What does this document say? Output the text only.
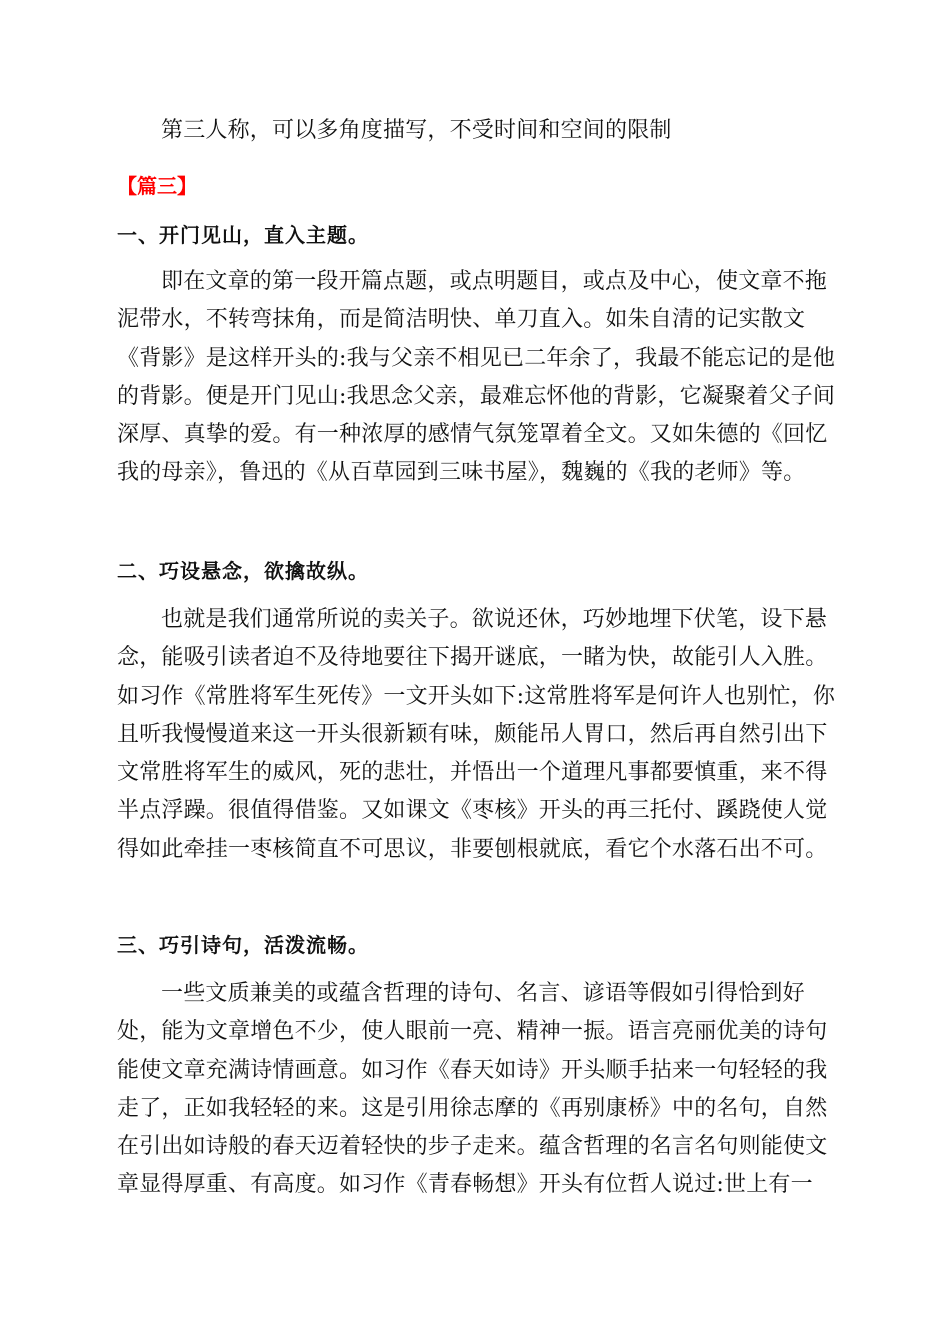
第三人称，可以多角度描写，不受时间和空间的限制

【篇三】

一、开门见山，直入主题。

即在文章的第一段开篇点题，或点明题目，或点及中心，使文章不拖泥带水，不转弯抹角，而是简洁明快、单刀直入。如朱自清的记实散文《背影》是这样开头的:我与父亲不相见已二年余了，我最不能忘记的是他的背影。便是开门见山:我思念父亲，最难忘怀他的背影，它凝聚着父子间深厚、真挚的爱。有一种浓厚的感情气氛笼罩着全文。又如朱德的《回忆我的母亲》，鲁迅的《从百草园到三味书屋》，魏巍的《我的老师》等。

二、巧设悬念，欲擒故纵。

也就是我们通常所说的卖关子。欲说还休，巧妙地埋下伏笔，设下悬念，能吸引读者迫不及待地要往下揭开谜底，一睹为快，故能引人入胜。如习作《常胜将军生死传》一文开头如下:这常胜将军是何许人也别忙，你且听我慢慢道来这一开头很新颖有味，颇能吊人胃口，然后再自然引出下文常胜将军生的威风，死的悲壮，并悟出一个道理凡事都要慎重，来不得半点浮躁。很值得借鉴。又如课文《枣核》开头的再三托付、蹊跷使人觉得如此牵挂一枣核简直不可思议，非要刨根就底，看它个水落石出不可。

三、巧引诗句，活泼流畅。

一些文质兼美的或蕴含哲理的诗句、名言、谚语等假如引得恰到好处，能为文章增色不少，使人眼前一亮、精神一振。语言亮丽优美的诗句能使文章充满诗情画意。如习作《春天如诗》开头顺手拈来一句轻轻的我走了，正如我轻轻的来。这是引用徐志摩的《再别康桥》中的名句，自然在引出如诗般的春天迈着轻快的步子走来。蕴含哲理的名言名句则能使文章显得厚重、有高度。如习作《青春畅想》开头有位哲人说过:世上有一
